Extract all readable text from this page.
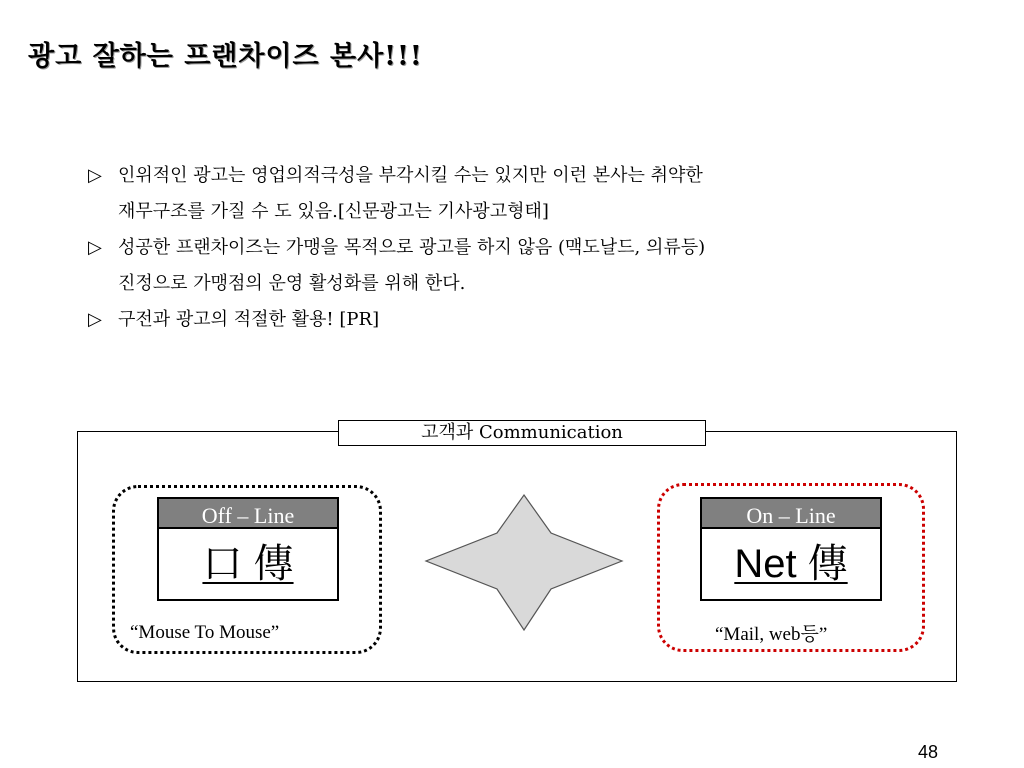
광고 잘하는 프랜차이즈 본사!!!
▷ 인위적인 광고는 영업의적극성을 부각시킬 수는 있지만 이런 본사는 취약한
재무구조를 가질 수 도 있음.[신문광고는 기사광고형태]
▷ 성공한 프랜차이즈는 가맹을 목적으로 광고를 하지 않음 (맥도날드, 의류등)
진정으로 가맹점의 운영 활성화를 위해 한다.
▷ 구전과 광고의 적절한 활용! [PR]
고객과 Communication
Off – Line
口 傳
“Mouse To Mouse”
On – Line
Net 傳
“Mail, web등”
48
